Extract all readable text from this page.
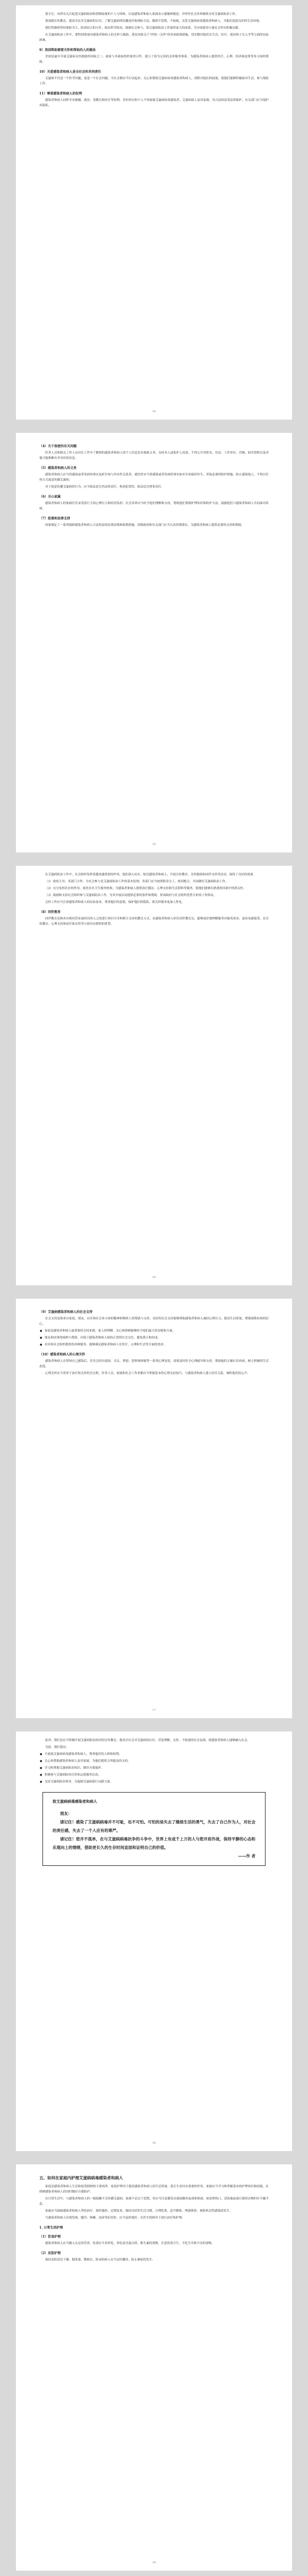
要专注，向所有关注促进艾滋病防治和消除歧视的个人与团体，以及感染者和病人家属表示感谢和敬意，并呼吁社会各界继续支持艾滋病防治工作。

要加强宣传教育，提高全民对艾滋病的认识，了解艾滋病的传播途径和预防方法，做到不恐慌、不歧视，关爱艾滋病病毒感染者和病人，为他们创造良好的生活环境。

我们将继续坚持预防为主、防治结合的方针，依法科学防治，鼓励社会参与，使艾滋病防治工作取得更大的成效，为全面建设小康社会作出积极贡献。

在艾滋病防治工作中，要特别重视对感染者和病人的关怀与救助，落实国家关于"四免一关怀"的各项政策措施，切实解决他们在生活、医疗、就业和子女入学等方面的实际困难。

9）美国帮助需要关怀和帮助的人的做法

美国是最早开展艾滋病关怀救助的国家之一，政府与非政府组织密切合作，建立了较为完善的关怀服务体系，为感染者和病人提供医疗、心理、经济和法律等多方面的帮助。

10）关爱感染者和病人是全社会的共同责任

艾滋病不仅是一个医学问题，更是一个社会问题。全社会都应当行动起来，关心和帮助艾滋病病毒感染者和病人，消除对他们的歧视，使他们能够积极面对生活，参与预防工作。

11）尊重感染者和病人的权利

感染者和病人同样享有婚姻、就业、受教育和医疗等权利。任何单位和个人不得歧视艾滋病病毒感染者、艾滋病病人及其家属，其合法权益受法律保护，有关部门应当保护其隐私。

14
（4）关于保密的有关问题

医务人员和相关工作人员对在工作中了解到的感染者和病人的个人信息负有保密义务，未经本人或监护人同意，不得公开其姓名、住址、工作单位、肖像、病史资料以及其他可能推断出其身份的信息。

（5）感染者和病人的义务

感染者和病人应当将感染或者发病的事实及时告知与其有性关系者，就医时应当将感染或者发病的事实如实告知接诊医生，采取必要的防护措施，防止感染他人，不得以任何方式故意传播艾滋病。

对于故意传播艾滋病的行为，应当依法追究其法律责任，构成犯罪的，依法追究刑事责任。

（6）关心家属

感染者和病人的家属往往承受着巨大的心理压力和经济负担，社会各界应当给予他们理解和支持，帮助他们掌握护理知识和防护方法，鼓励他们与感染者和病人共同面对疾病。

（7）政策和法律支持

国家制定了一系列保障感染者和病人合法权益的法律法规和政策措施，各级政府和有关部门应当认真贯彻落实，为感染者和病人提供必要的支持和帮助。

15

在艾滋病防治工作中，社会组织发挥着越来越重要的作用，他们深入社区，贴近感染者和病人，开展宣传教育、关怀救助和同伴支持等活动，取得了良好的效果。

（1）政府主导、多部门合作、全社会参与是艾滋病防治工作的基本原则，各部门应当按照职责分工，密切配合，共同做好艾滋病防治工作。

（2）充分发挥社区的作用，依托社区卫生服务机构，为感染者和病人提供治疗随访、心理支持和生活照料等服务，使他们能够在熟悉的环境中得到关怀。

（3）鼓励和支持社会组织参与艾滋病防治工作，为其开展活动提供必要的条件和帮助，形成政府与社会组织优势互补的工作格局。

关怀工作应当注重感染者和病人的实际需求，尊重他们的意愿，保护他们的隐私，使关怀服务更加人性化。

（8）同伴教育

同伴教育是指具有相同背景或经历的人之间进行知识分享和相互支持的教育方式。由感染者和病人担任同伴教育员，能够更好地理解服务对象的需求，更容易被接受，在宣传教育、心理支持和治疗依从性等方面具有独特的优势。

16
（9）艾滋病感染者和病人的社会支持

社会支持是指来自家庭、朋友、社区和社会各方面的精神和物质上的帮助与支持，良好的社会支持能够帮助感染者和病人减轻心理压力，提高生活质量，增强战胜疾病的信心。

● 家庭是感染者和病人最重要的支持来源，家人的理解、关心和照顾能够给予他们最大的安慰和力量。

● 朋友和同事的接纳与帮助，有助于感染者和病人保持正常的社会交往，避免孤立和封闭。

● 社区和社会组织提供的各种服务，能够满足感染者和病人在医疗、心理和生活等方面的需求。

（10）感染者和病人的心理关怀

感染者和病人在得知自己感染后，往往会经历震惊、否认、愤怒、恐惧和抑郁等一系列心理变化，需要及时给予心理疏导和支持，帮助他们正确认识疾病，树立积极的生活态度。

心理关怀应当贯穿于治疗和关怀的全过程，医务人员、家属和社会工作者都应当掌握基本的心理支持技巧，与感染者和病人建立信任关系，倾听他们的心声。

17

此外，我们还应当积极开展艾滋病防治知识的宣传教育，提高全社会对艾滋病的认识，营造理解、关怀、不歧视的社会氛围，使感染者和病人能够融入社会。

为此，我们倡议：

● 不歧视艾滋病病毒感染者和病人，尊重他们的人格和权利。

● 关心和帮助感染者和病人及其家属，为他们提供力所能及的支持。

● 学习和掌握艾滋病防治知识，做好自我保护。

● 积极参与艾滋病防治宣传和志愿服务活动。

● 支持艾滋病防治事业，为遏制艾滋病流行贡献力量。

致艾滋病病毒感染者和病人

朋友：

请记住！感染了艾滋病病毒并不可耻，也不可怕。可怕的是失去了继续生活的勇气，失去了自己作为人，对社会的责任感，失去了一个人应有的尊严。

请记住！您并不孤单，在与艾滋病病毒抗争的斗争中，世界上有成千上万的人与您并肩作战，保持平静的心态和乐观向上的情绪，借助更长久的生存时间直面和证明自己的价值。

——作 者
18
五、如何在家庭内护理艾滋病病毒感染者和病人

家庭是感染者和病人生活和接受照顾的主要场所，家庭护理对于提高感染者和病人的生活质量、延长生命具有重要的作用。家属应当学习和掌握基本的护理知识和技能，在照顾感染者和病人的同时做好自我防护。

在日常生活中，与感染者和病人的一般接触不会传播艾滋病，家属不必过于恐慌，但应当注意避免直接接触其血液和体液，如处理伤口、清洗被血液污染的衣物时应当戴手套。

家属应当鼓励感染者和病人坚持治疗，按时服药，定期复查，保持良好的生活习惯，合理饮食，适当锻炼，增强体质，预防机会性感染的发生。

当感染者和病人出现发热、腹泻、咳嗽、皮疹等症状时，应当及时就医，在医生的指导下进行治疗和护理。

1. 日常生活护理
（1）饮食护理

感染者和病人应当摄入充足的营养，饮食应当多样化，多吃富含蛋白质、维生素的食物，注意饮食卫生，不吃生冷和不洁的食物。

（2）皮肤护理

保持皮肤清洁干燥，勤洗澡、勤换衣，卧床的病人应当定时翻身，防止褥疮的发生。

19
